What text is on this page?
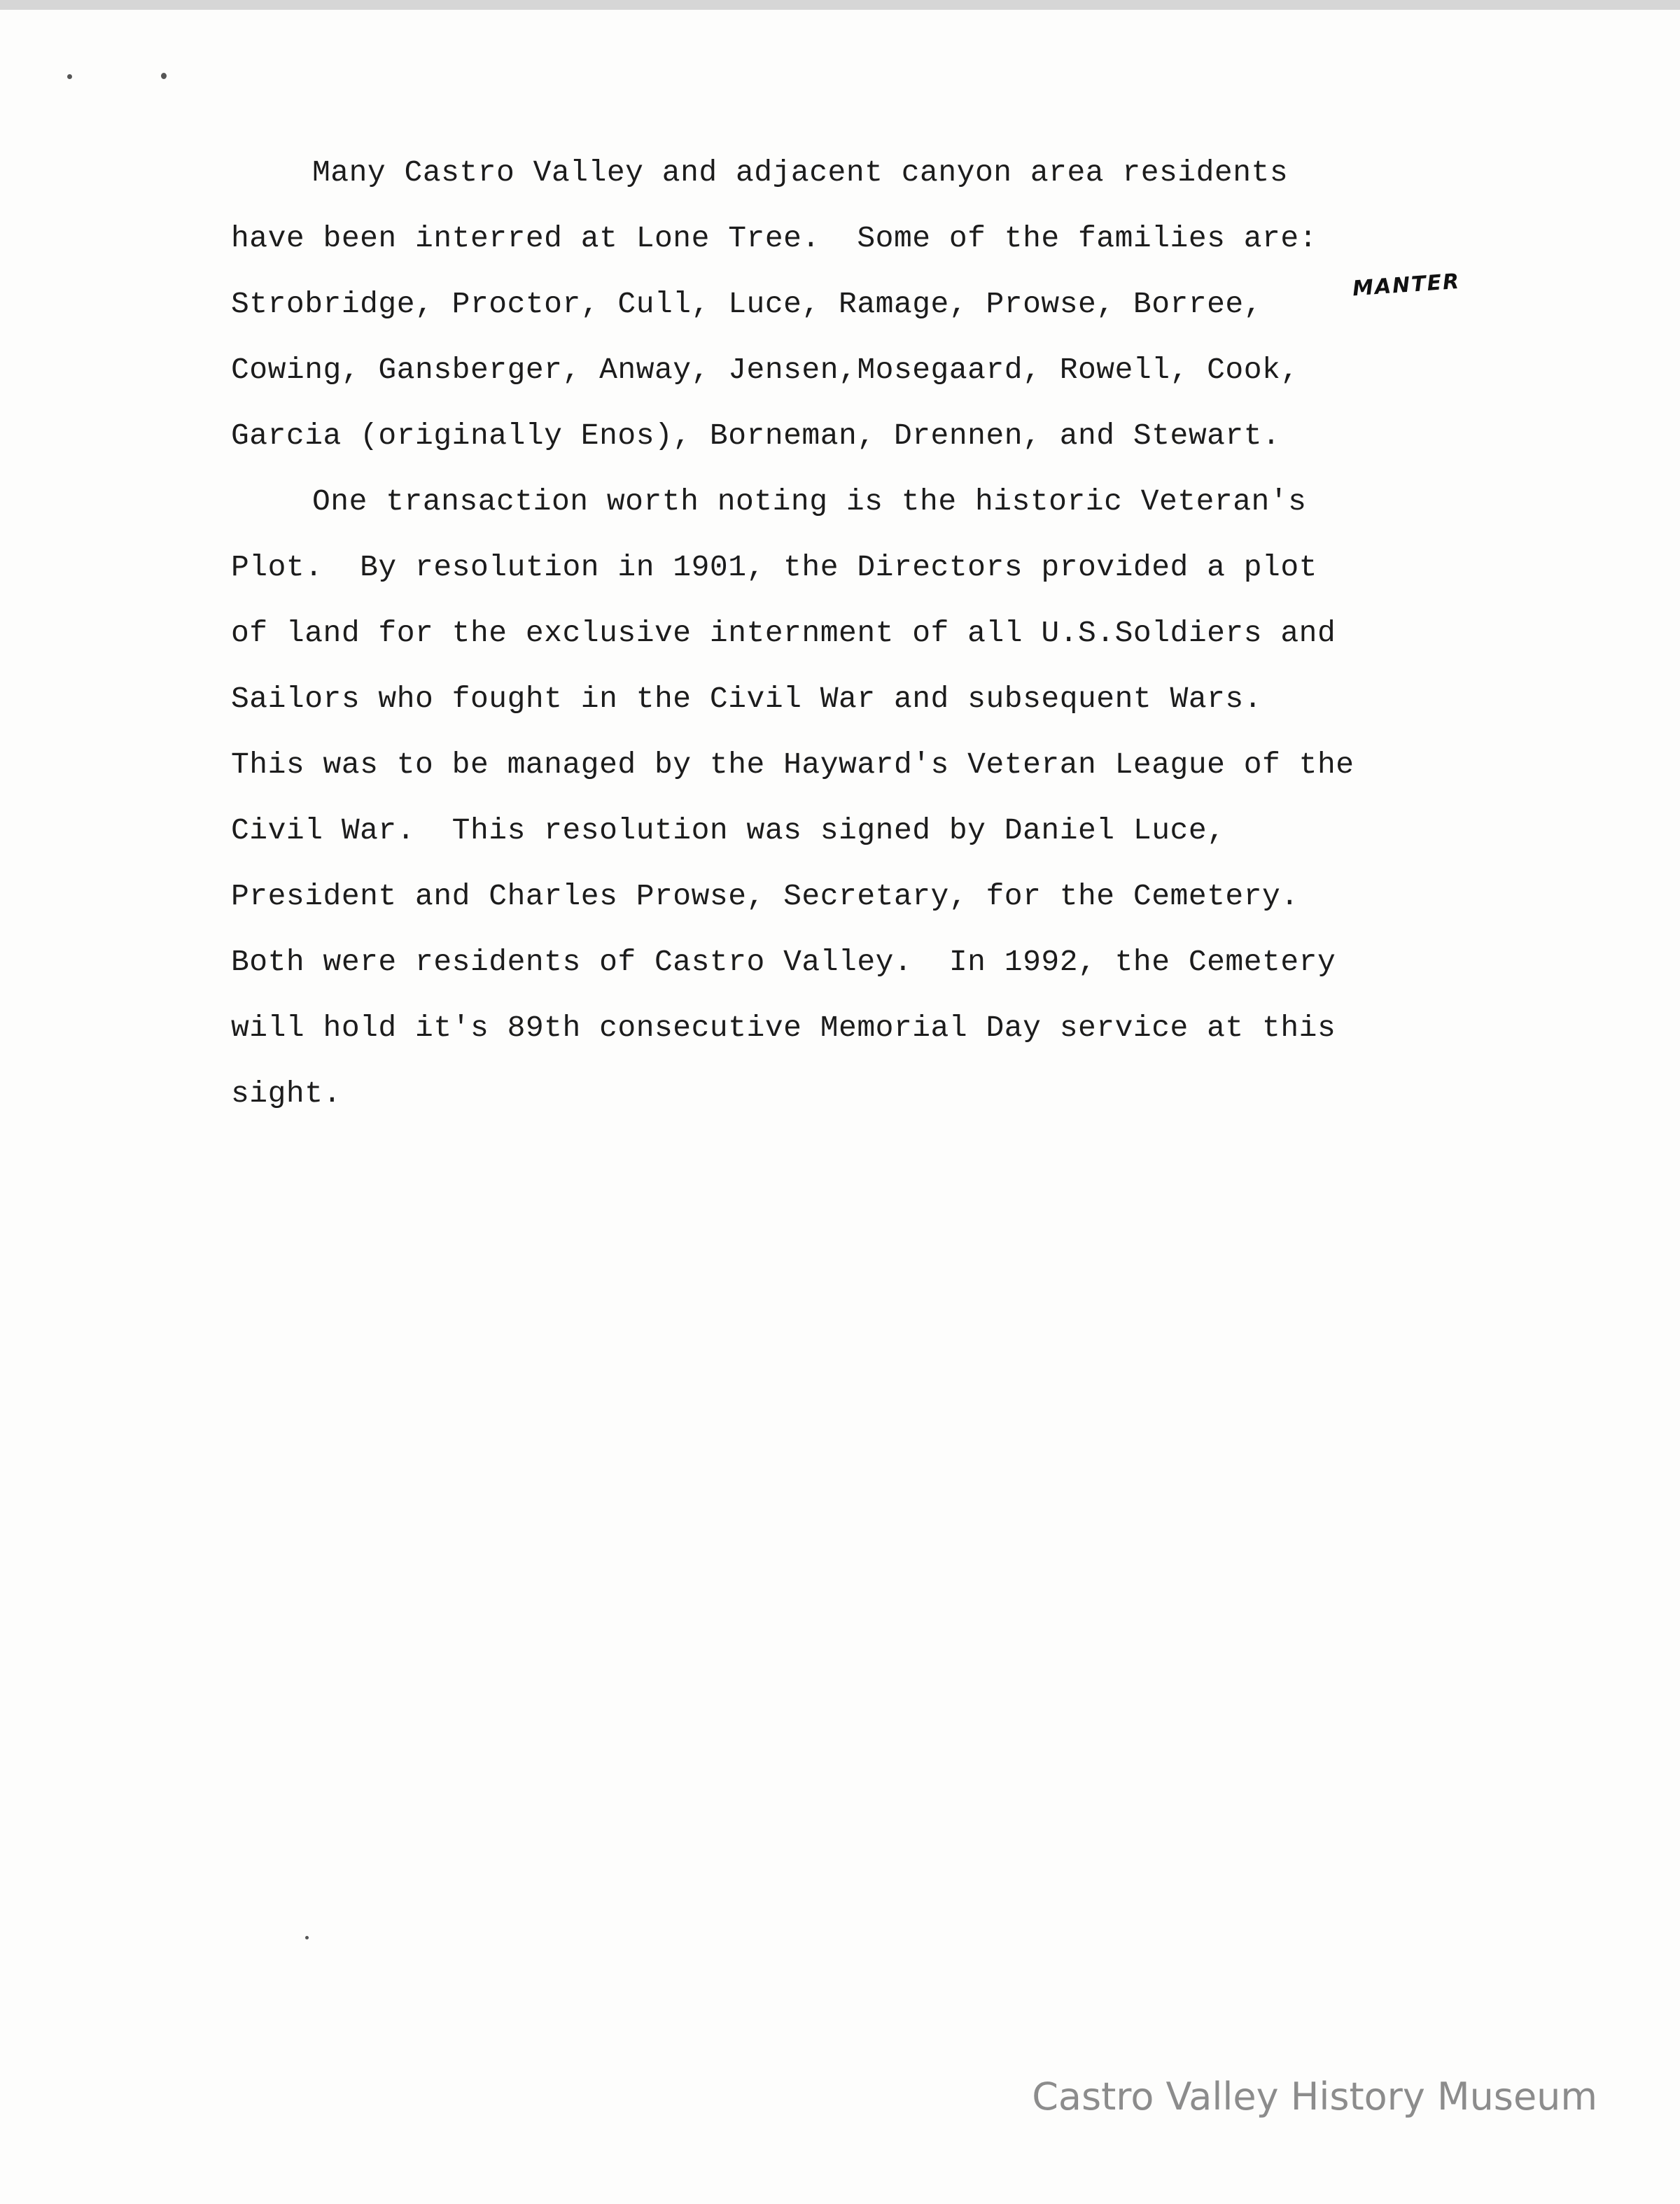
Many Castro Valley and adjacent canyon area residents
have been interred at Lone Tree.  Some of the families are:
Strobridge, Proctor, Cull, Luce, Ramage, Prowse, Borree,
Cowing, Gansberger, Anway, Jensen,Mosegaard, Rowell, Cook,
Garcia (originally Enos), Borneman, Drennen, and Stewart.
One transaction worth noting is the historic Veteran's
Plot.  By resolution in 1901, the Directors provided a plot
of land for the exclusive internment of all U.S.Soldiers and
Sailors who fought in the Civil War and subsequent Wars.
This was to be managed by the Hayward's Veteran League of the
Civil War.  This resolution was signed by Daniel Luce,
President and Charles Prowse, Secretary, for the Cemetery.
Both were residents of Castro Valley.  In 1992, the Cemetery
will hold it's 89th consecutive Memorial Day service at this
sight.
MANTER
Castro Valley History Museum
